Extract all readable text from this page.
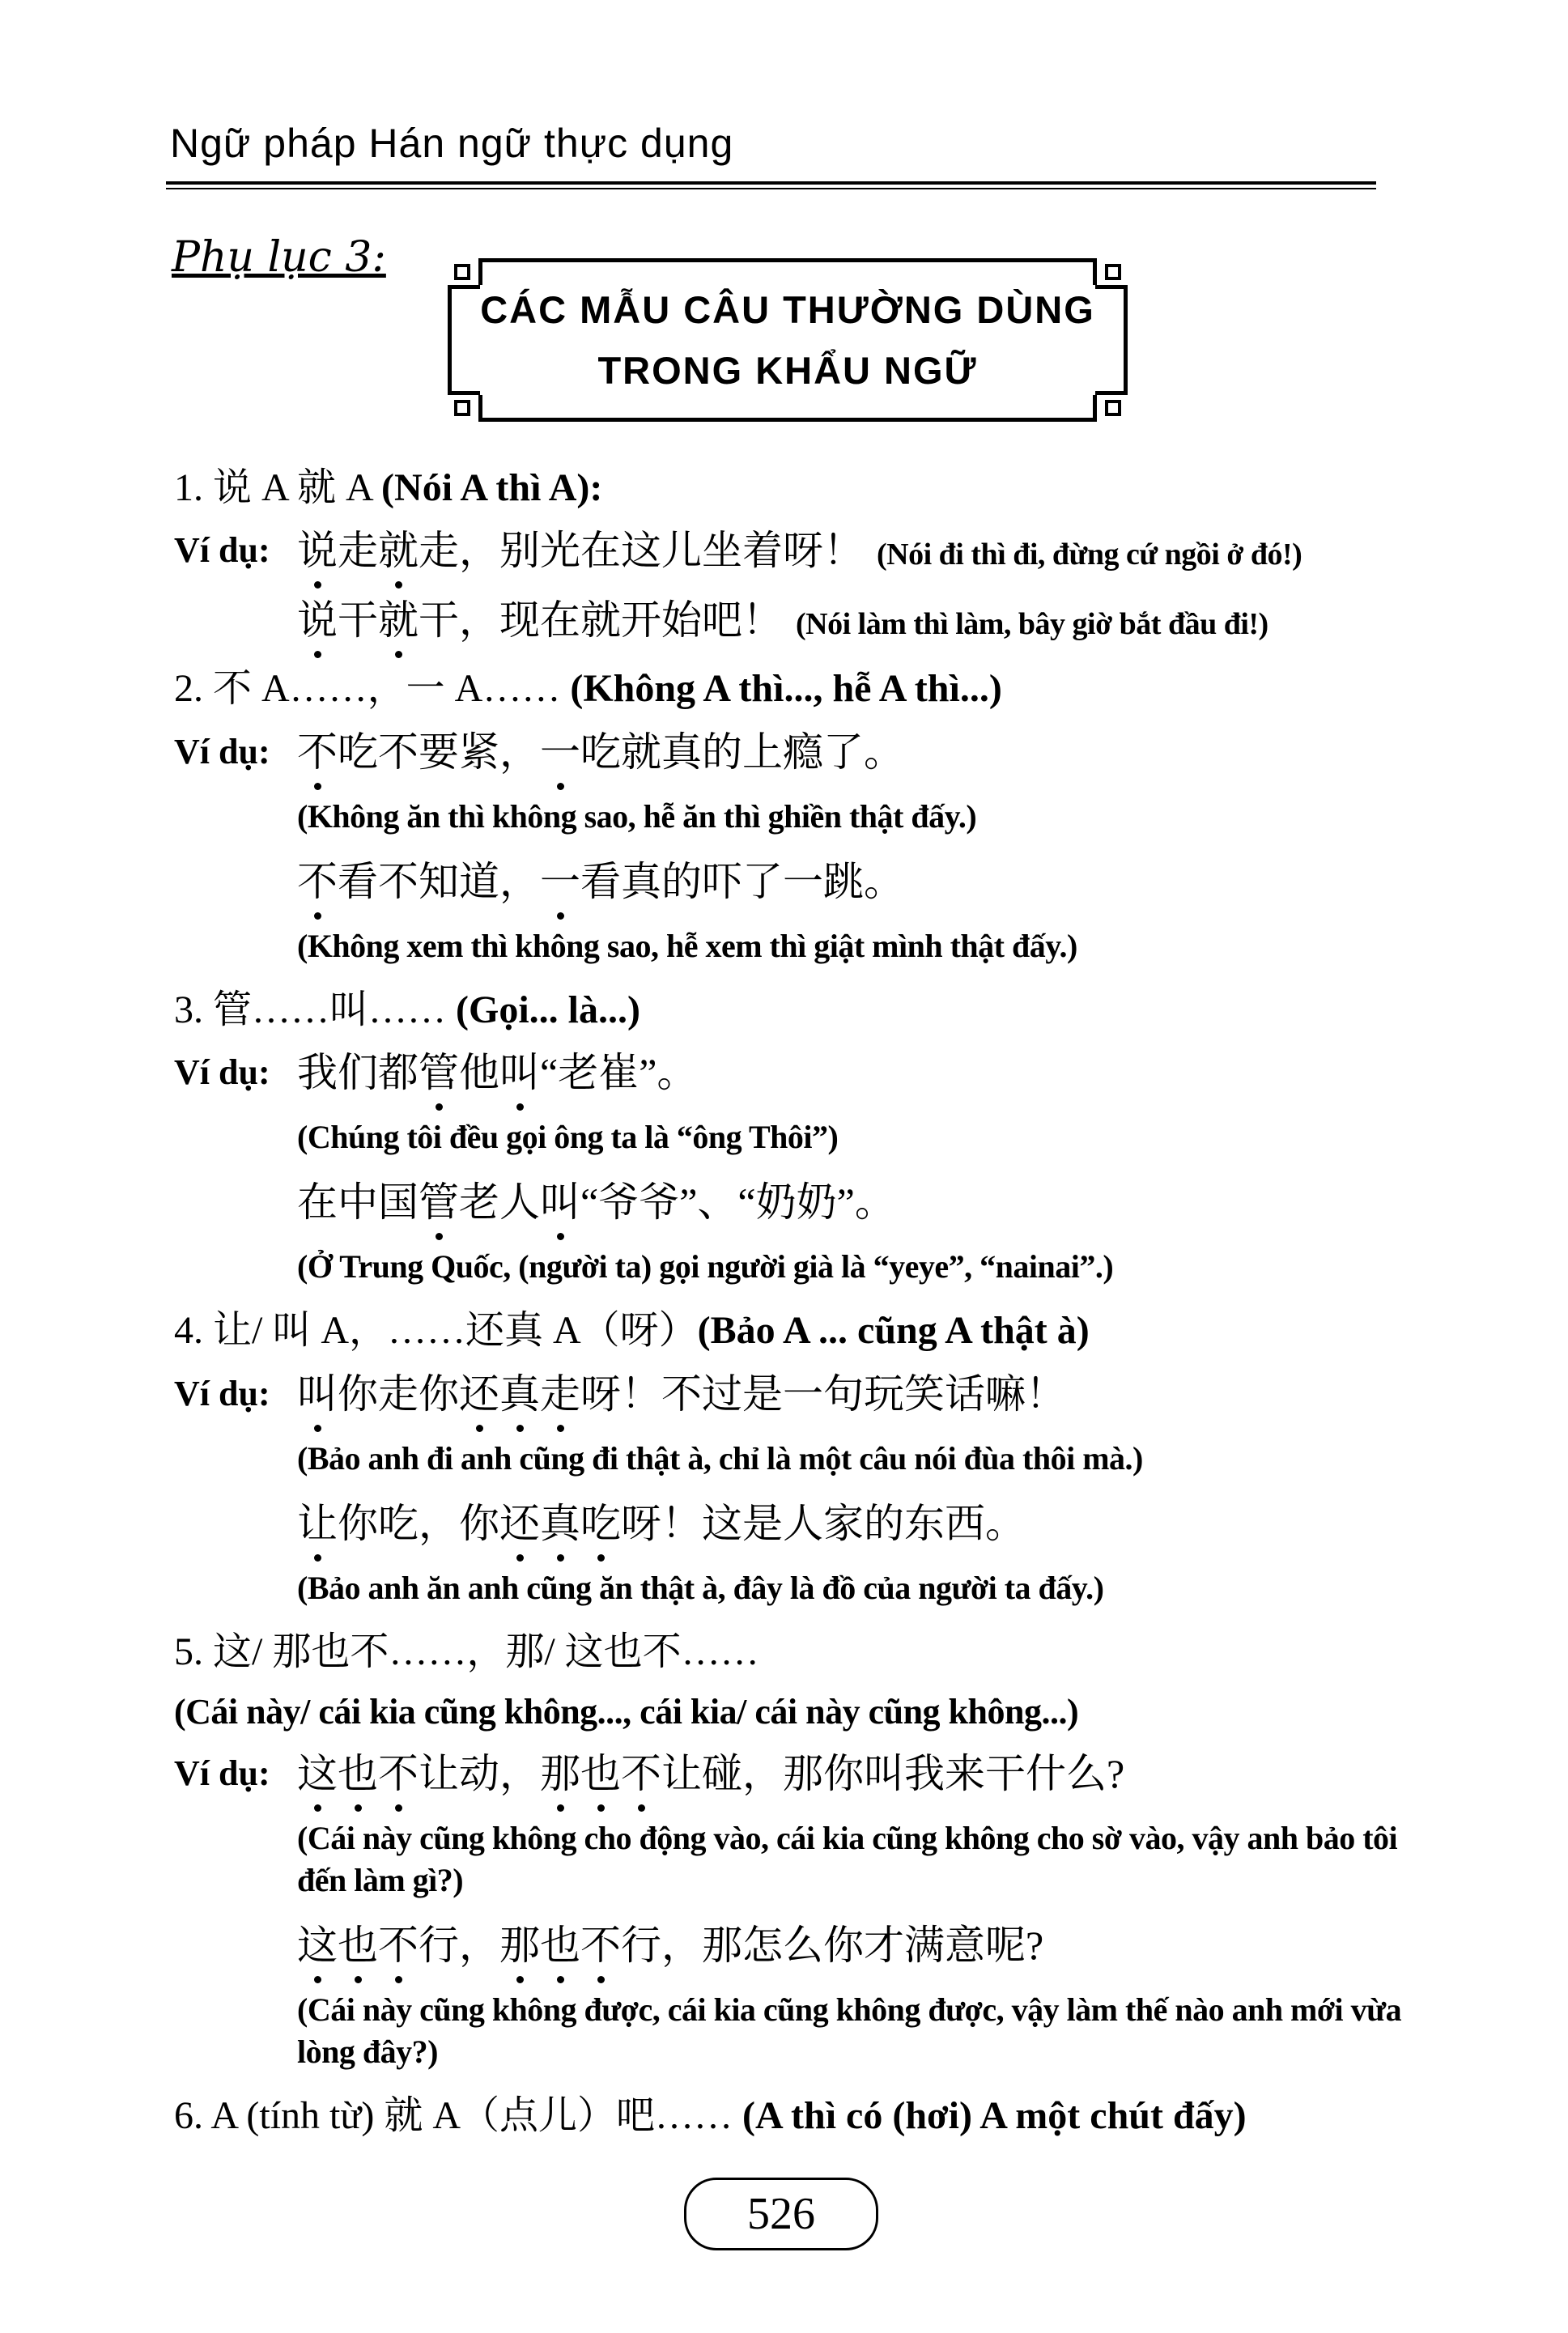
Ngữ pháp Hán ngữ thực dụng
Phụ lục 3:
CÁC MẪU CÂU THƯỜNG DÙNG
TRONG KHẨU NGỮ
1. 说 A 就 A (Nói A thì A):
Ví dụ: 说走就走，别光在这儿坐着呀！ (Nói đi thì đi, đừng cứ ngồi ở đó!)
说干就干，现在就开始吧！ (Nói làm thì làm, bây giờ bắt đầu đi!)
2. 不 A……，一 A…… (Không A thì..., hễ A thì...)
Ví dụ: 不吃不要紧，一吃就真的上瘾了。
(Không ăn thì không sao, hễ ăn thì ghiền thật đấy.)
不看不知道，一看真的吓了一跳。
(Không xem thì không sao, hễ xem thì giật mình thật đấy.)
3. 管……叫…… (Gọi... là...)
Ví dụ: 我们都管他叫“老崔”。
(Chúng tôi đều gọi ông ta là “ông Thôi”)
在中国管老人叫“爷爷”、“奶奶”。
(Ở Trung Quốc, (người ta) gọi người già là “yeye”, “nainai”.)
4. 让/ 叫 A，……还真 A（呀）(Bảo A ... cũng A thật à)
Ví dụ: 叫你走你还真走呀！不过是一句玩笑话嘛！
(Bảo anh đi anh cũng đi thật à, chỉ là một câu nói đùa thôi mà.)
让你吃，你还真吃呀！这是人家的东西。
(Bảo anh ăn anh cũng ăn thật à, đây là đồ của người ta đấy.)
5. 这/ 那也不……，那/ 这也不……
(Cái này/ cái kia cũng không..., cái kia/ cái này cũng không...)
Ví dụ: 这也不让动，那也不让碰，那你叫我来干什么?
(Cái này cũng không cho động vào, cái kia cũng không cho sờ vào, vậy anh bảo tôi đến làm gì?)
这也不行，那也不行，那怎么你才满意呢?
(Cái này cũng không được, cái kia cũng không được, vậy làm thế nào anh mới vừa lòng đây?)
6. A (tính từ) 就 A（点儿）吧…… (A thì có (hơi) A một chút đấy)
526
